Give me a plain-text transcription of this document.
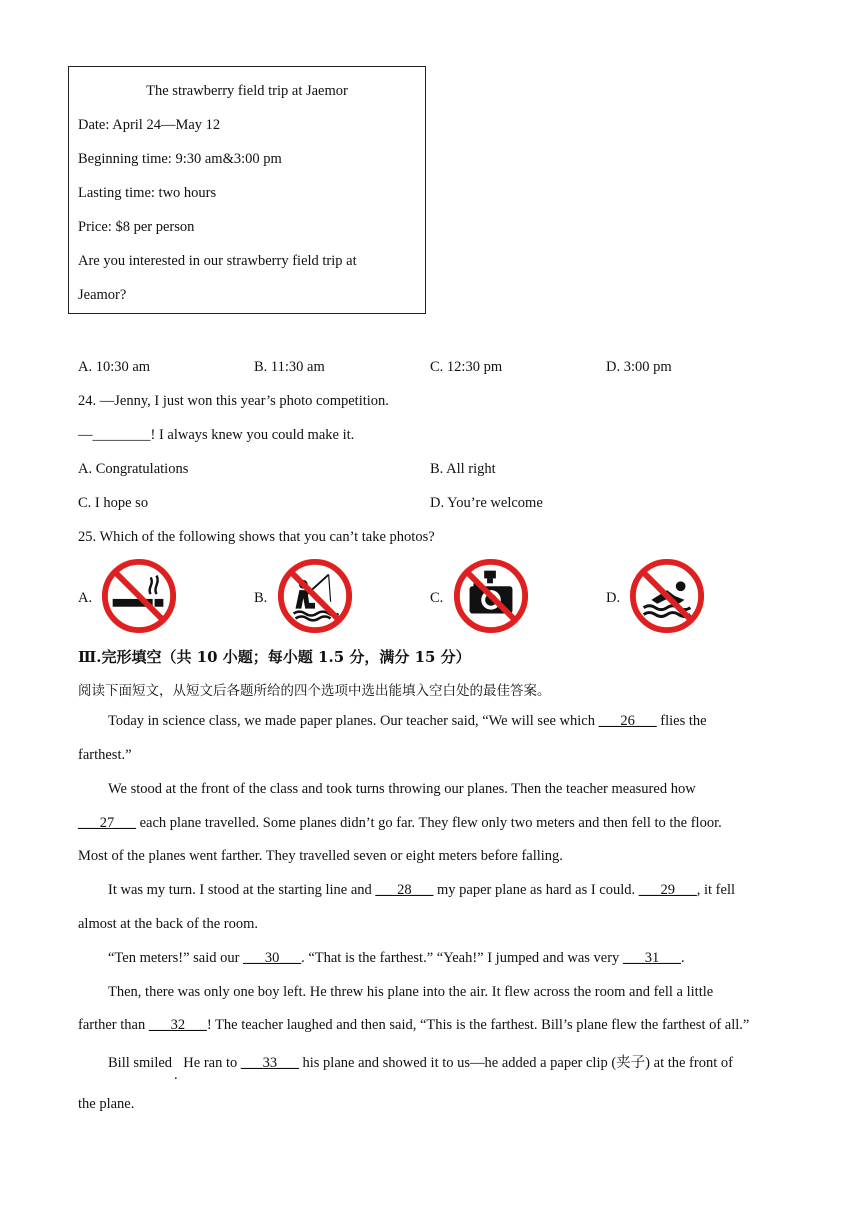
The strawberry field trip at Jaemor
Date: April 24—May 12
Beginning time: 9:30 am&3:00 pm
Lasting time: two hours
Price: $8 per person
Are you interested in our strawberry field trip at
Jeamor?
A. 10:30 am	B. 11:30 am	C. 12:30 pm	D. 3:00 pm
24. —Jenny, I just won this year’s photo competition.
—________! I always knew you could make it.
A. Congratulations	B. All right
C. I hope so	D. You’re welcome
25. Which of the following shows that you can’t take photos?
A.	B.	C.	D.
Ⅲ.完形填空（共 10 小题；每小题 1.5 分，满分 15 分）
阅读下面短文，从短文后各题所给的四个选项中选出能填入空白处的最佳答案。
Today in science class, we made paper planes. Our teacher said, “We will see which ___26___ flies the
farthest.”
We stood at the front of the class and took turns throwing our planes. Then the teacher measured how
___27___ each plane travelled. Some planes didn’t go far. They flew only two meters and then fell to the floor.
Most of the planes went farther. They travelled seven or eight meters before falling.
It was my turn. I stood at the starting line and ___28___ my paper plane as hard as I could. ___29___, it fell
almost at the back of the room.
“Ten meters!” said our ___30___. “That is the farthest.” “Yeah!” I jumped and was very ___31___.
Then, there was only one boy left. He threw his plane into the air. It flew across the room and fell a little
farther than ___32___! The teacher laughed and then said, “This is the farthest. Bill’s plane flew the farthest of all.”
Bill smiled. He ran to ___33___ his plane and showed it to us—he added a paper clip (夹子) at the front of
the plane.
